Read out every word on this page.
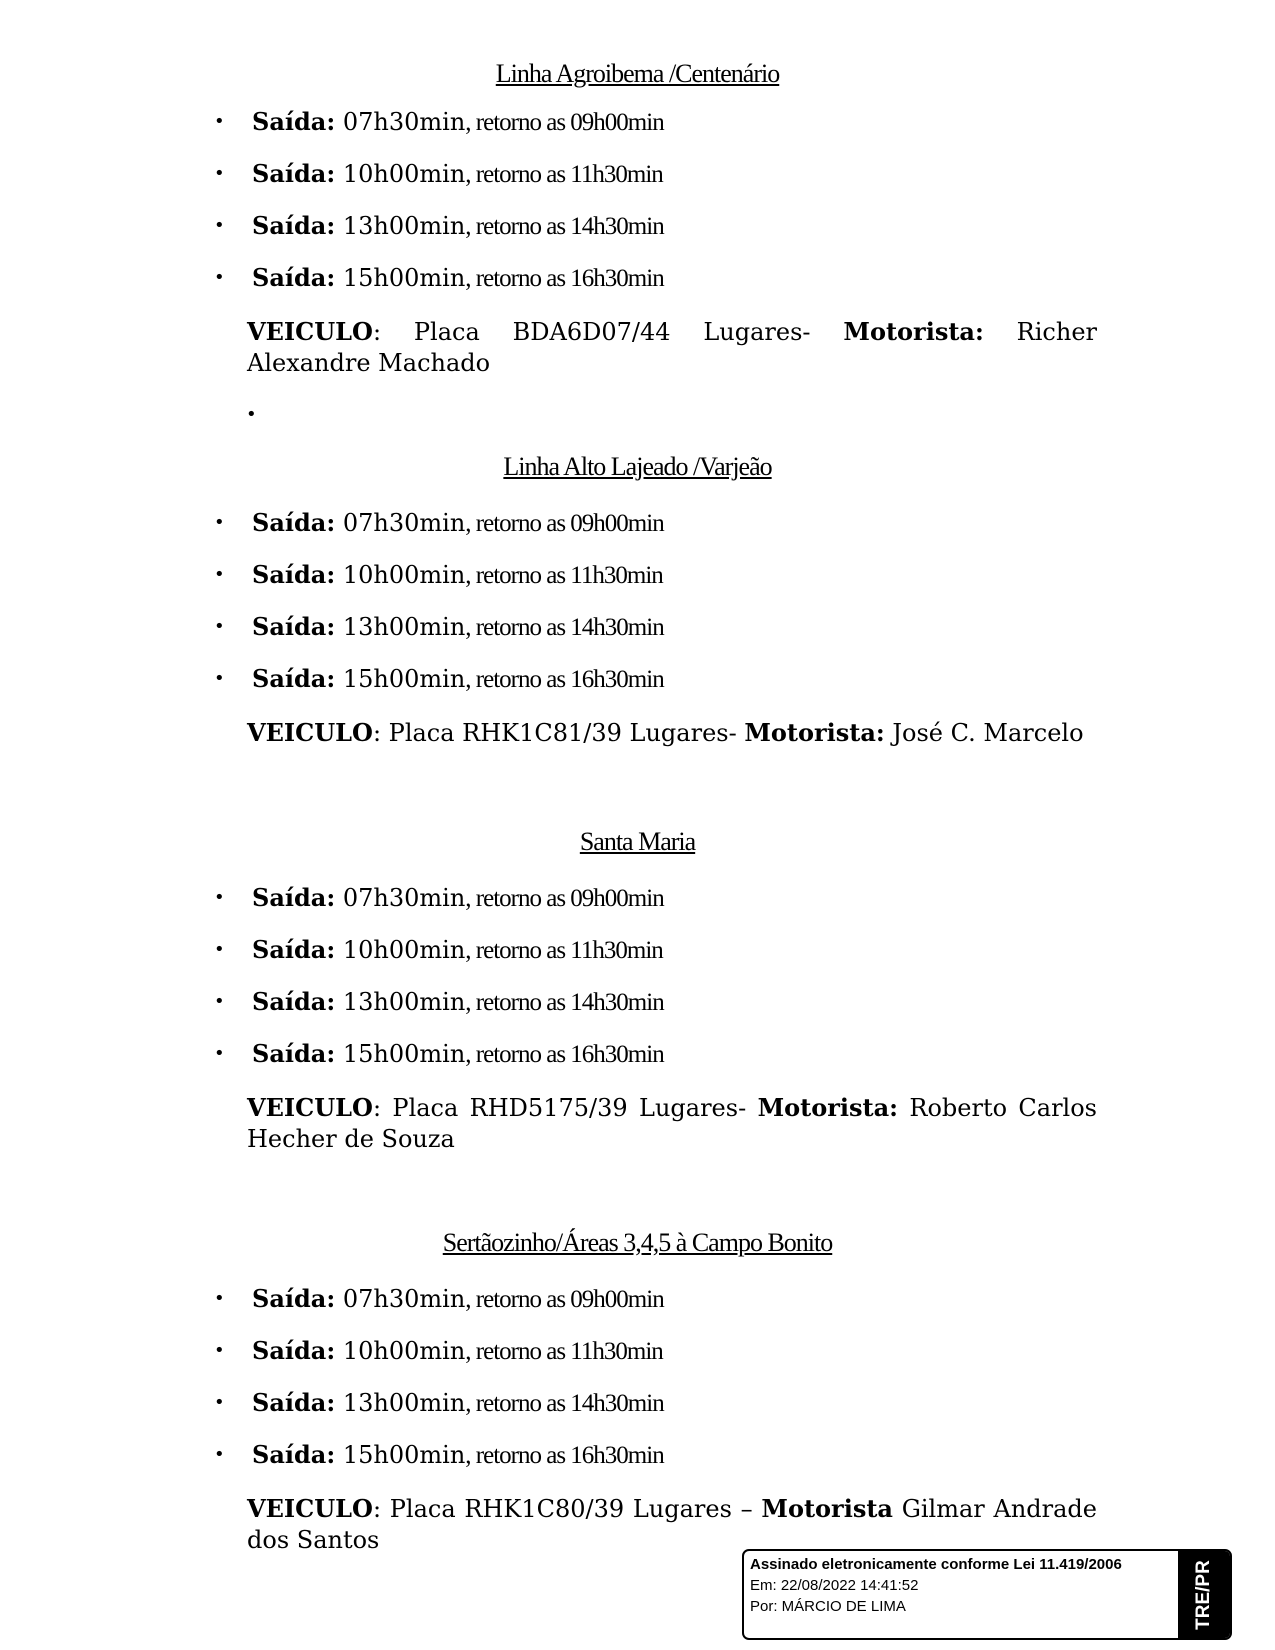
Linha Agroibema /Centenário
• Saída: 07h30min, retorno as 09h00min
• Saída: 10h00min, retorno as 11h30min
• Saída: 13h00min, retorno as 14h30min
• Saída: 15h00min, retorno as 16h30min
VEICULO: Placa BDA6D07/44 Lugares- Motorista: Richer Alexandre Machado
•
Linha Alto Lajeado /Varjeão
• Saída: 07h30min, retorno as 09h00min
• Saída: 10h00min, retorno as 11h30min
• Saída: 13h00min, retorno as 14h30min
• Saída: 15h00min, retorno as 16h30min
VEICULO: Placa RHK1C81/39 Lugares- Motorista: José C. Marcelo
Santa Maria
• Saída: 07h30min, retorno as 09h00min
• Saída: 10h00min, retorno as 11h30min
• Saída: 13h00min, retorno as 14h30min
• Saída: 15h00min, retorno as 16h30min
VEICULO: Placa RHD5175/39 Lugares- Motorista: Roberto Carlos Hecher de Souza
Sertãozinho/Áreas 3,4,5 à Campo Bonito
• Saída: 07h30min, retorno as 09h00min
• Saída: 10h00min, retorno as 11h30min
• Saída: 13h00min, retorno as 14h30min
• Saída: 15h00min, retorno as 16h30min
VEICULO: Placa RHK1C80/39 Lugares – Motorista Gilmar Andrade dos Santos
Assinado eletronicamente conforme Lei 11.419/2006
Em: 22/08/2022 14:41:52
Por: MÁRCIO DE LIMA	TRE/PR
